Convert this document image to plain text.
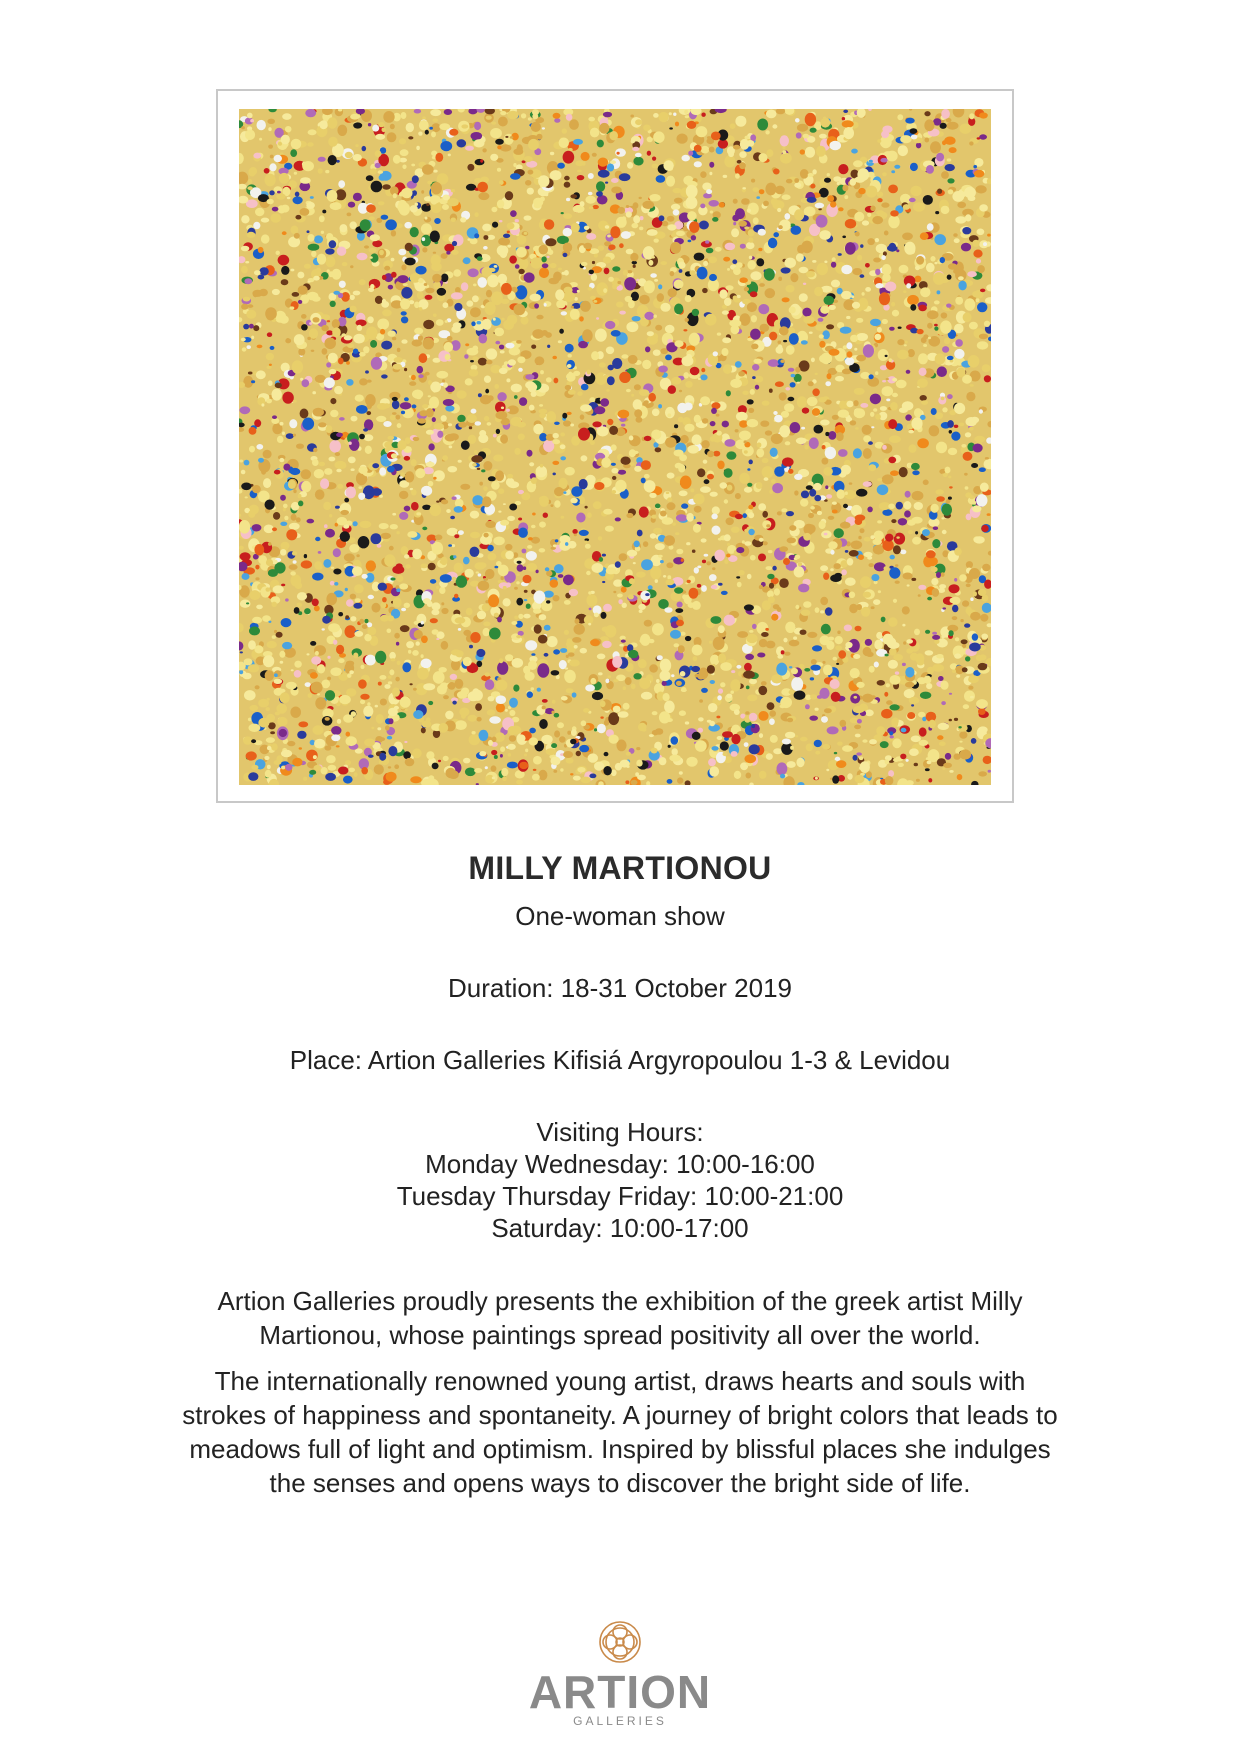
MILLY MARTIONOU

One-woman show

Duration: 18-31 October 2019

Place: Artion Galleries Kifisiá Argyropoulou 1-3 & Levidou

Visiting Hours:

Monday Wednesday: 10:00-16:00

Tuesday Thursday Friday: 10:00-21:00

Saturday: 10:00-17:00

Artion Galleries proudly presents the exhibition of the greek artist Milly

Martionou, whose paintings spread positivity all over the world.

The internationally renowned young artist, draws hearts and souls with

strokes of happiness and spontaneity. A journey of bright colors that leads to

meadows full of light and optimism. Inspired by blissful places she indulges

the senses and opens ways to discover the bright side of life.

ARTION
GALLERIES
